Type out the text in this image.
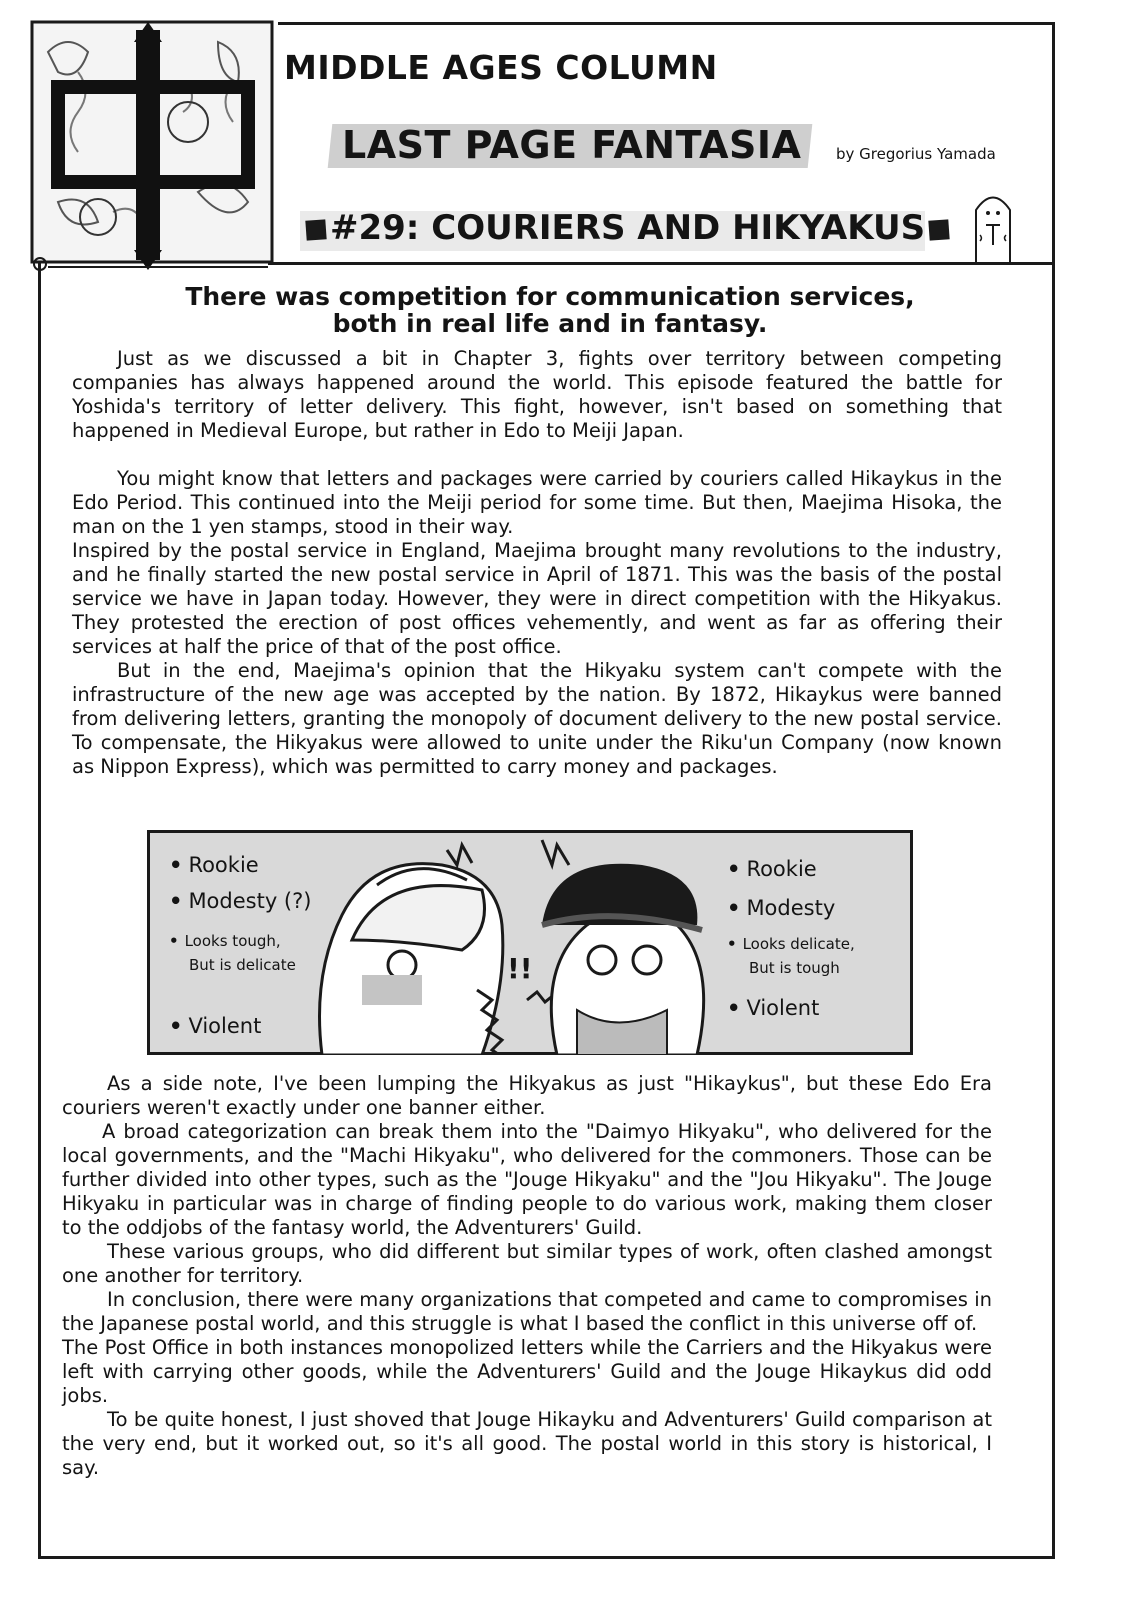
MIDDLE AGES COLUMN
LAST PAGE FANTASIA by Gregorius Yamada
#29: COURIERS AND HIKYAKUS
There was competition for communication services,
both in real life and in fantasy.

Just as we discussed a bit in Chapter 3, fights over territory between competing companies has always happened around the world. This episode featured the battle for Yoshida's territory of letter delivery. This fight, however, isn't based on something that happened in Medieval Europe, but rather in Edo to Meiji Japan.

You might know that letters and packages were carried by couriers called Hikaykus in the Edo Period. This continued into the Meiji period for some time. But then, Maejima Hisoka, the man on the 1 yen stamps, stood in their way.

Inspired by the postal service in England, Maejima brought many revolutions to the industry, and he finally started the new postal service in April of 1871. This was the basis of the postal service we have in Japan today. However, they were in direct competition with the Hikyakus. They protested the erection of post offices vehemently, and went as far as offering their services at half the price of that of the post office.

But in the end, Maejima's opinion that the Hikyaku system can't compete with the infrastructure of the new age was accepted by the nation. By 1872, Hikaykus were banned from delivering letters, granting the monopoly of document delivery to the new postal service. To compensate, the Hikyakus were allowed to unite under the Riku'un Company (now known as Nippon Express), which was permitted to carry money and packages.

!!
• Rookie
• Modesty (?)
• Looks tough,
But is delicate
• Violent
• Rookie
• Modesty
• Looks delicate,
But is tough
• Violent

As a side note, I've been lumping the Hikyakus as just "Hikaykus", but these Edo Era couriers weren't exactly under one banner either.

A broad categorization can break them into the "Daimyo Hikyaku", who delivered for the local governments, and the "Machi Hikyaku", who delivered for the commoners. Those can be further divided into other types, such as the "Jouge Hikyaku" and the "Jou Hikyaku". The Jouge Hikyaku in particular was in charge of finding people to do various work, making them closer to the oddjobs of the fantasy world, the Adventurers' Guild.

These various groups, who did different but similar types of work, often clashed amongst one another for territory.

In conclusion, there were many organizations that competed and came to compromises in the Japanese postal world, and this struggle is what I based the conflict in this universe off of.

The Post Office in both instances monopolized letters while the Carriers and the Hikyakus were left with carrying other goods, while the Adventurers' Guild and the Jouge Hikaykus did odd jobs.

To be quite honest, I just shoved that Jouge Hikayku and Adventurers' Guild comparison at the very end, but it worked out, so it's all good. The postal world in this story is historical, I say.
